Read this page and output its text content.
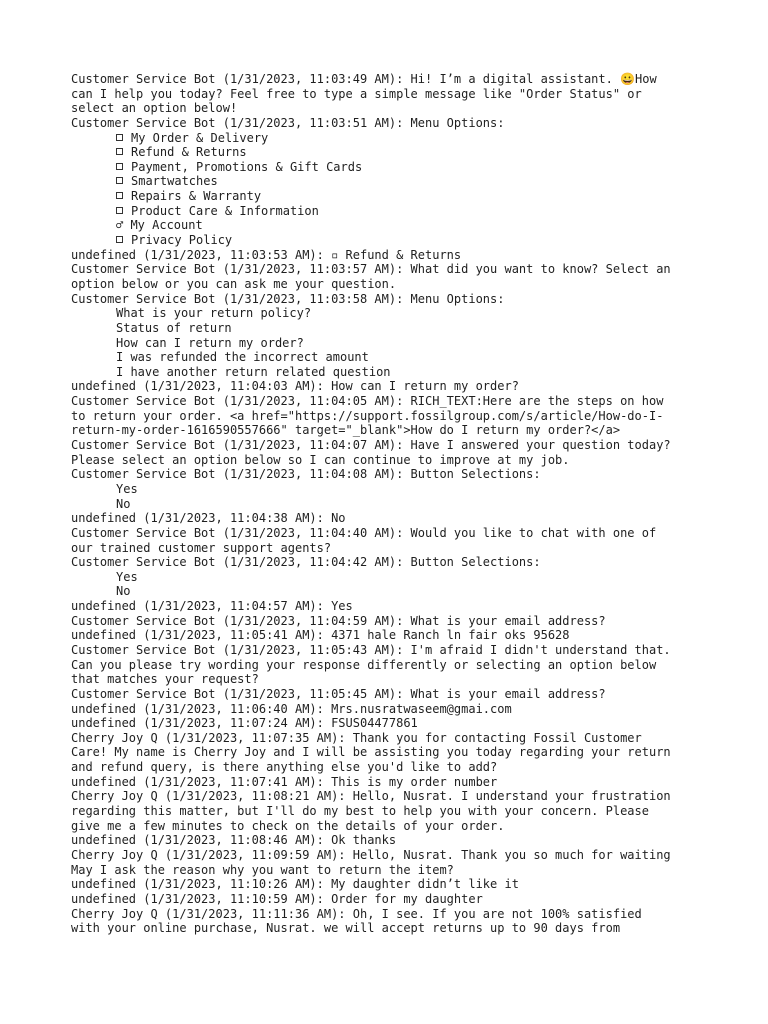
Customer Service Bot (1/31/2023, 11:03:49 AM): Hi! I’m a digital assistant. 😀How
can I help you today? Feel free to type a simple message like "Order Status" or
select an option below!
Customer Service Bot (1/31/2023, 11:03:51 AM): Menu Options:
My Order & Delivery
Refund & Returns
Payment, Promotions & Gift Cards
Smartwatches
Repairs & Warranty
Product Care & Information
♂ My Account
Privacy Policy
undefined (1/31/2023, 11:03:53 AM): ▫ Refund & Returns
Customer Service Bot (1/31/2023, 11:03:57 AM): What did you want to know? Select an
option below or you can ask me your question.
Customer Service Bot (1/31/2023, 11:03:58 AM): Menu Options:
What is your return policy?
Status of return
How can I return my order?
I was refunded the incorrect amount
I have another return related question
undefined (1/31/2023, 11:04:03 AM): How can I return my order?
Customer Service Bot (1/31/2023, 11:04:05 AM): RICH_TEXT:Here are the steps on how
to return your order. <a href="https://support.fossilgroup.com/s/article/How-do-I-
return-my-order-1616590557666" target="_blank">How do I return my order?</a>
Customer Service Bot (1/31/2023, 11:04:07 AM): Have I answered your question today?
Please select an option below so I can continue to improve at my job.
Customer Service Bot (1/31/2023, 11:04:08 AM): Button Selections:
Yes
No
undefined (1/31/2023, 11:04:38 AM): No
Customer Service Bot (1/31/2023, 11:04:40 AM): Would you like to chat with one of
our trained customer support agents?
Customer Service Bot (1/31/2023, 11:04:42 AM): Button Selections:
Yes
No
undefined (1/31/2023, 11:04:57 AM): Yes
Customer Service Bot (1/31/2023, 11:04:59 AM): What is your email address?
undefined (1/31/2023, 11:05:41 AM): 4371 hale Ranch ln fair oks 95628
Customer Service Bot (1/31/2023, 11:05:43 AM): I'm afraid I didn't understand that.
Can you please try wording your response differently or selecting an option below
that matches your request?
Customer Service Bot (1/31/2023, 11:05:45 AM): What is your email address?
undefined (1/31/2023, 11:06:40 AM): Mrs.nusratwaseem@gmai.com
undefined (1/31/2023, 11:07:24 AM): FSUS04477861
Cherry Joy Q (1/31/2023, 11:07:35 AM): Thank you for contacting Fossil Customer
Care! My name is Cherry Joy and I will be assisting you today regarding your return
and refund query, is there anything else you'd like to add?
undefined (1/31/2023, 11:07:41 AM): This is my order number
Cherry Joy Q (1/31/2023, 11:08:21 AM): Hello, Nusrat. I understand your frustration
regarding this matter, but I'll do my best to help you with your concern. Please
give me a few minutes to check on the details of your order.
undefined (1/31/2023, 11:08:46 AM): Ok thanks
Cherry Joy Q (1/31/2023, 11:09:59 AM): Hello, Nusrat. Thank you so much for waiting
May I ask the reason why you want to return the item?
undefined (1/31/2023, 11:10:26 AM): My daughter didn’t like it
undefined (1/31/2023, 11:10:59 AM): Order for my daughter
Cherry Joy Q (1/31/2023, 11:11:36 AM): Oh, I see. If you are not 100% satisfied
with your online purchase, Nusrat. we will accept returns up to 90 days from
